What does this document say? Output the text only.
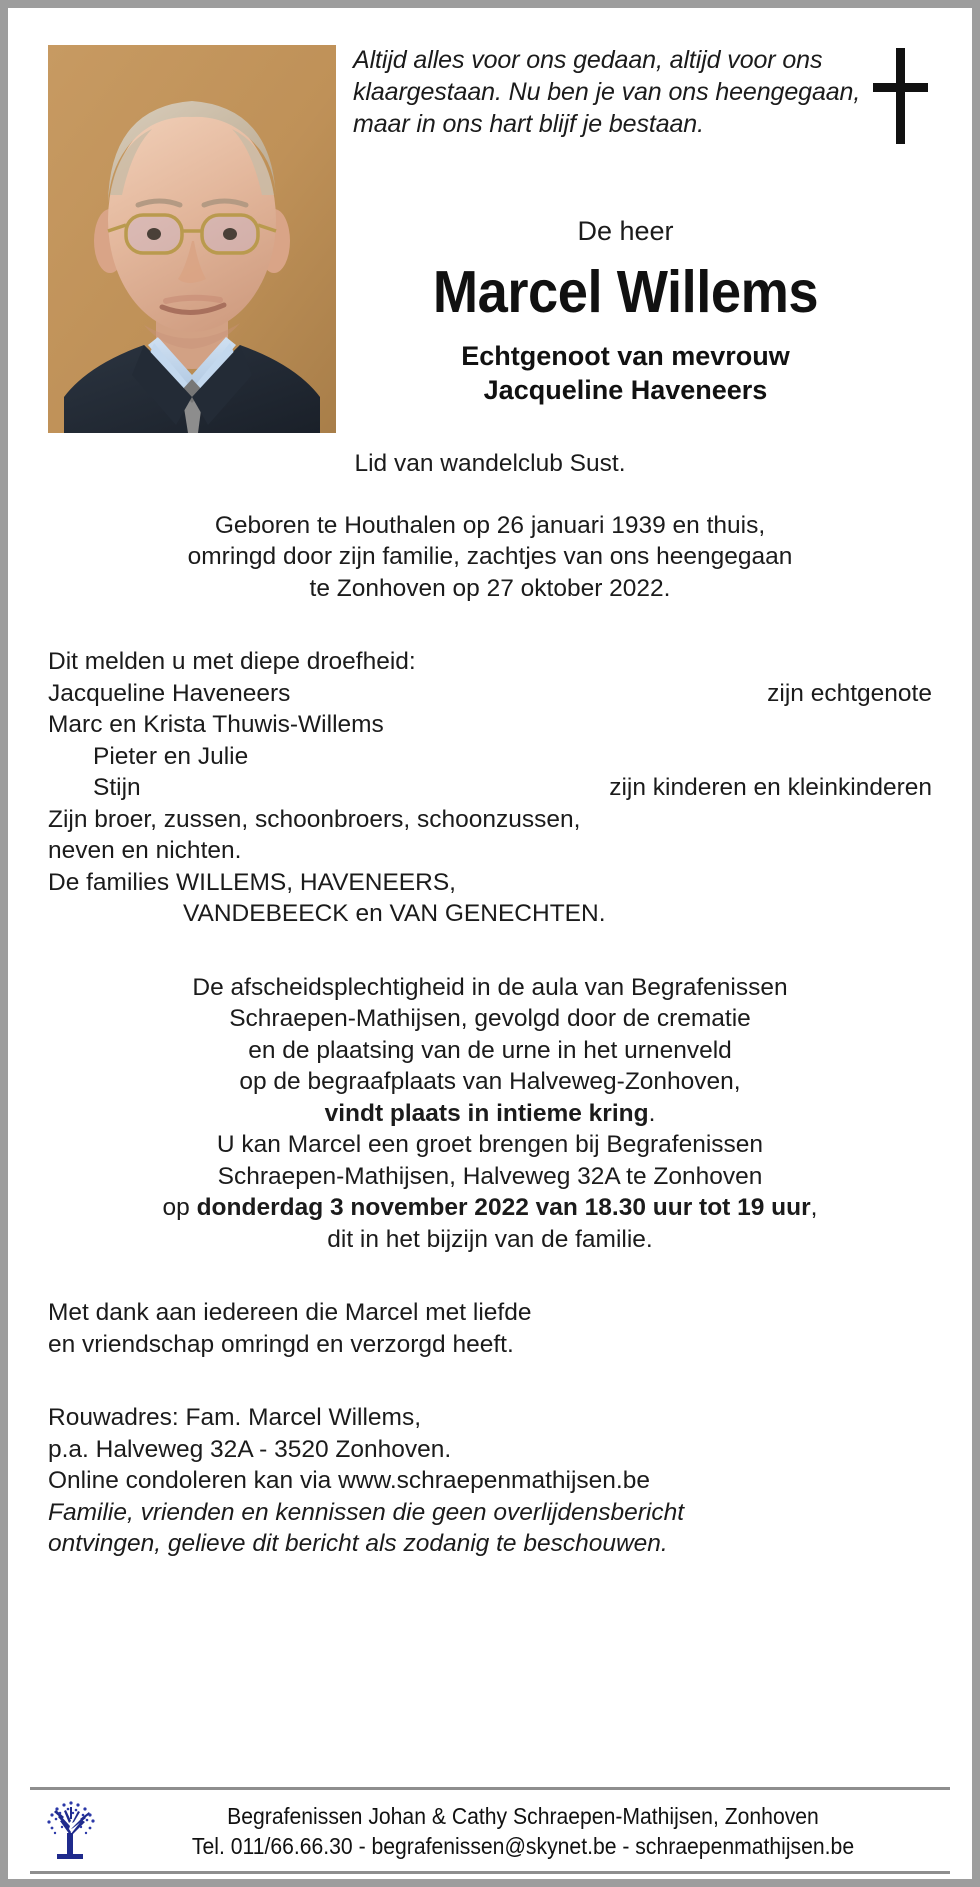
Altijd alles voor ons gedaan, altijd voor ons klaargestaan. Nu ben je van ons heengegaan, maar in ons hart blijf je bestaan.
De heer
Marcel Willems
Echtgenoot van mevrouw
Jacqueline Haveneers
Lid van wandelclub Sust.
Geboren te Houthalen op 26 januari 1939 en thuis,
omringd door zijn familie, zachtjes van ons heengegaan
te Zonhoven op 27 oktober 2022.
Dit melden u met diepe droefheid:
Jacqueline Haveneers	zijn echtgenote
Marc en Krista Thuwis-Willems
Pieter en Julie
Stijn	zijn kinderen en kleinkinderen
Zijn broer, zussen, schoonbroers, schoonzussen,
neven en nichten.
De families WILLEMS, HAVENEERS,
VANDEBEECK en VAN GENECHTEN.
De afscheidsplechtigheid in de aula van Begrafenissen
Schraepen-Mathijsen, gevolgd door de crematie
en de plaatsing van de urne in het urnenveld
op de begraafplaats van Halveweg-Zonhoven,
vindt plaats in intieme kring.
U kan Marcel een groet brengen bij Begrafenissen
Schraepen-Mathijsen, Halveweg 32A te Zonhoven
op donderdag 3 november 2022 van 18.30 uur tot 19 uur,
dit in het bijzijn van de familie.
Met dank aan iedereen die Marcel met liefde
en vriendschap omringd en verzorgd heeft.
Rouwadres: Fam. Marcel Willems,
p.a. Halveweg 32A - 3520 Zonhoven.
Online condoleren kan via www.schraepenmathijsen.be
Familie, vrienden en kennissen die geen overlijdensbericht
ontvingen, gelieve dit bericht als zodanig te beschouwen.
Begrafenissen Johan & Cathy Schraepen-Mathijsen, Zonhoven
Tel. 011/66.66.30 - begrafenissen@skynet.be - schraepenmathijsen.be
